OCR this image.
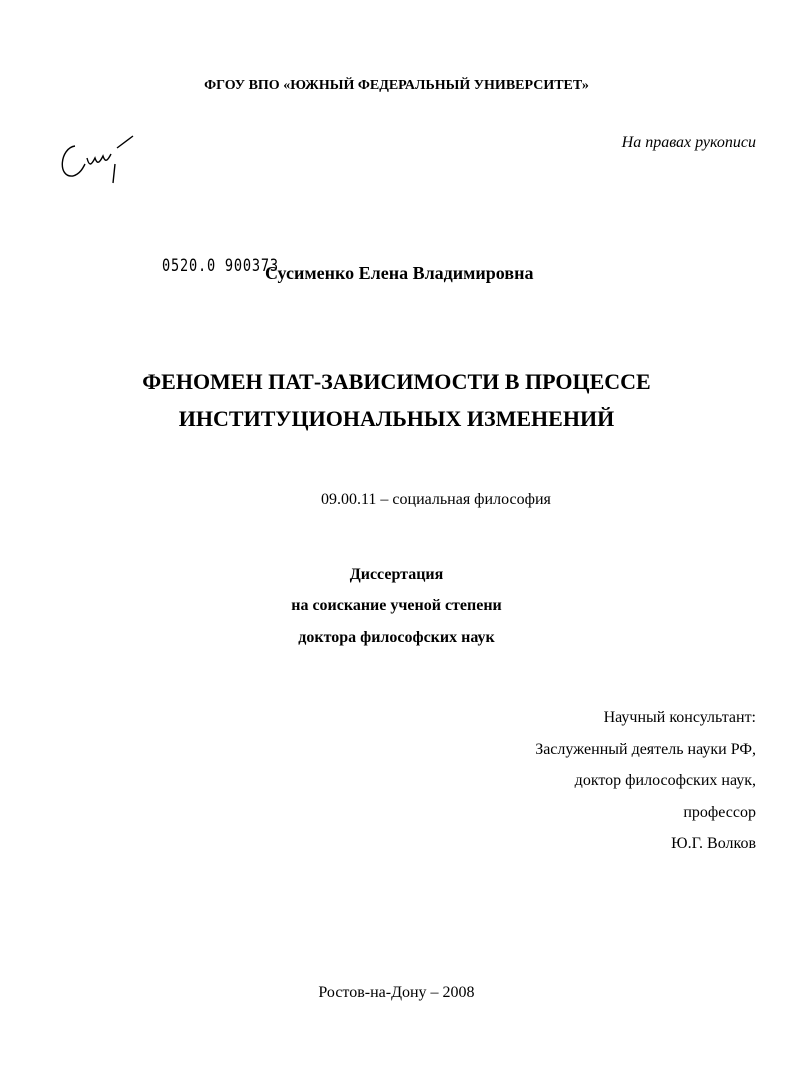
ФГОУ ВПО «ЮЖНЫЙ ФЕДЕРАЛЬНЫЙ УНИВЕРСИТЕТ»
На правах рукописи
0520.0 900373
Сусименко Елена Владимировна
ФЕНОМЕН ПАТ-ЗАВИСИМОСТИ В ПРОЦЕССЕ
ИНСТИТУЦИОНАЛЬНЫХ ИЗМЕНЕНИЙ
09.00.11 – социальная философия
Диссертация
на соискание ученой степени
доктора философских наук
Научный консультант:
Заслуженный деятель науки РФ,
доктор философских наук,
профессор
Ю.Г. Волков
Ростов-на-Дону – 2008
